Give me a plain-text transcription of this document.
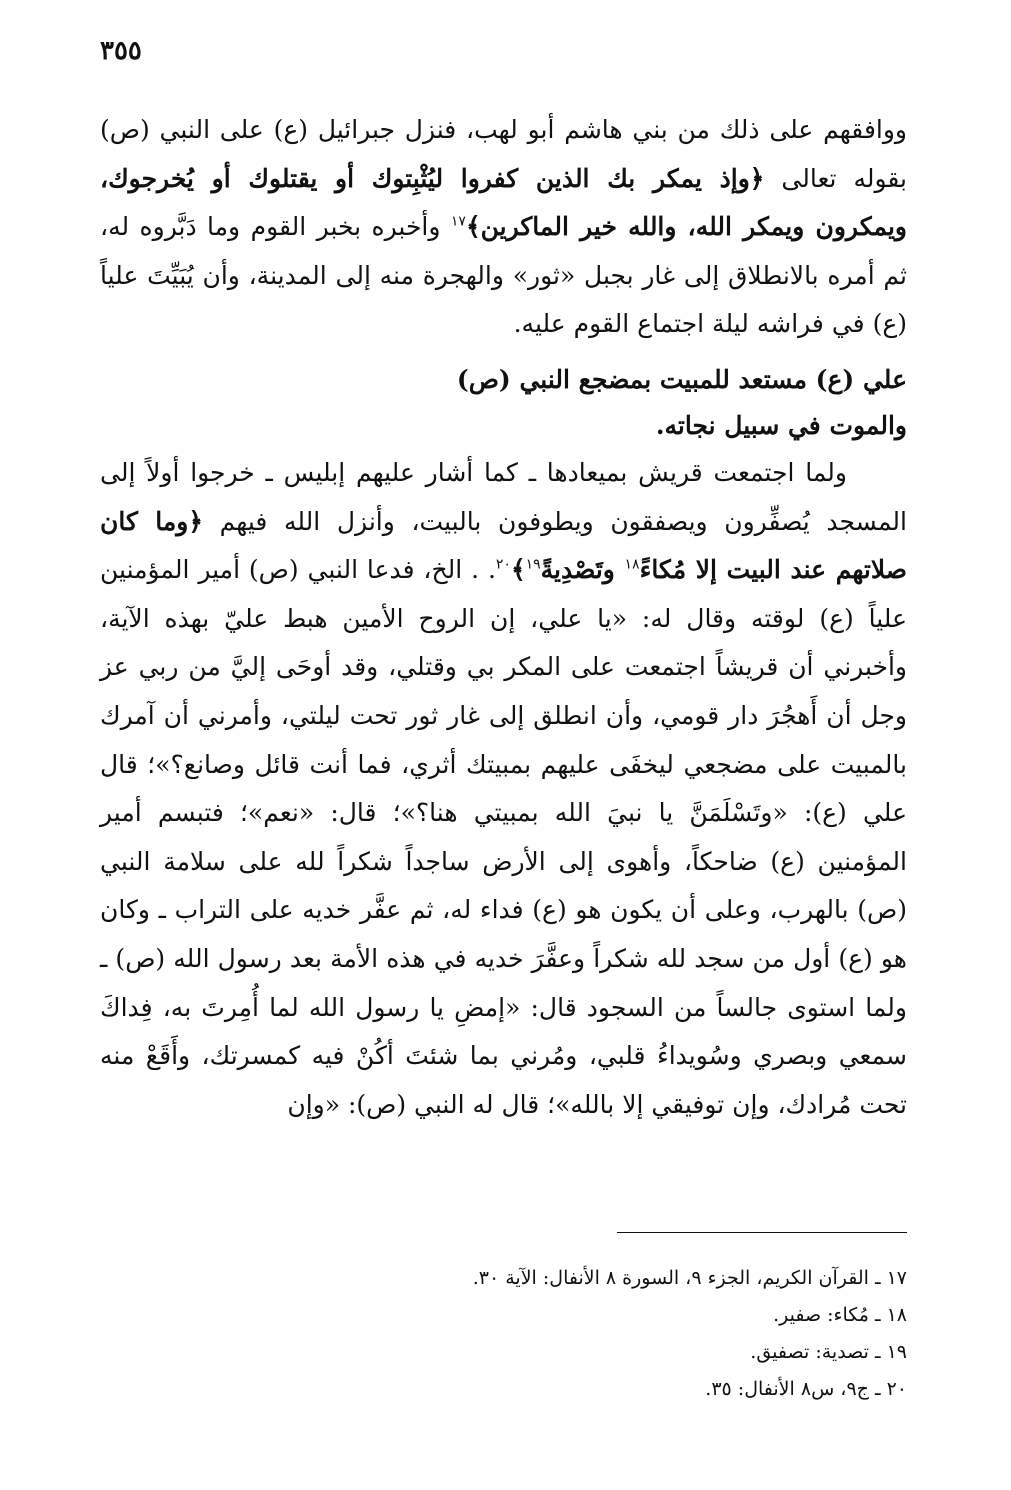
٣٥٥

ووافقهم على ذلك من بني هاشم أبو لهب، فنزل جبرائيل (ع) على النبي (ص) بقوله تعالى ﴿وإذ يمكر بك الذين كفروا ليُثْبِتوك أو يقتلوك أو يُخرجوك، ويمكرون ويمكر الله، والله خير الماكرين﴾$^{١٧}$ وأخبره بخبر القوم وما دَبَّروه له، ثم أمره بالانطلاق إلى غار بجبل «ثور» والهجرة منه إلى المدينة، وأن يُبَيِّتَ علياً (ع) في فراشه ليلة اجتماع القوم عليه.

علي (ع) مستعد للمبيت بمضجع النبي (ص)
والموت في سبيل نجاته.

ولما اجتمعت قريش بميعادها ـ كما أشار عليهم إبليس ـ خرجوا أولاً إلى المسجد يُصفِّرون ويصفقون ويطوفون بالبيت، وأنزل الله فيهم ﴿وما كان صلاتهم عند البيت إلا مُكاءً$^{١٨}$ وتَصْدِيةً$^{١٩}$﴾$^{٢٠}$. . الخ، فدعا النبي (ص) أمير المؤمنين علياً (ع) لوقته وقال له: «يا علي، إن الروح الأمين هبط عليّ بهذه الآية، وأخبرني أن قريشاً اجتمعت على المكر بي وقتلي، وقد أوحَى إليَّ من ربي عز وجل أن أَهجُرَ دار قومي، وأن انطلق إلى غار ثور تحت ليلتي، وأمرني أن آمرك بالمبيت على مضجعي ليخفَى عليهم بمبيتك أثري، فما أنت قائل وصانع؟»؛ قال علي (ع): «وتَسْلَمَنَّ يا نبيَ الله بمبيتي هنا؟»؛ قال: «نعم»؛ فتبسم أمير المؤمنين (ع) ضاحكاً، وأهوى إلى الأرض ساجداً شكراً لله على سلامة النبي (ص) بالهرب، وعلى أن يكون هو (ع) فداء له، ثم عفَّر خديه على التراب ـ وكان هو (ع) أول من سجد لله شكراً وعفَّرَ خديه في هذه الأمة بعد رسول الله (ص) ـ ولما استوى جالساً من السجود قال: «إمضِ يا رسول الله لما أُمِرتَ به، فِداكَ سمعي وبصري وسُويداءُ قلبي، ومُرني بما شئتَ أكُنْ فيه كمسرتك، وأَقَعْ منه تحت مُرادك، وإن توفيقي إلا بالله»؛ قال له النبي (ص): «وإن

١٧ ـ القرآن الكريم، الجزء ٩، السورة ٨ الأنفال: الآية ٣٠.

١٨ ـ مُكاء: صفير.

١٩ ـ تصدية: تصفيق.

٢٠ ـ ج٩، س٨ الأنفال: ٣٥.
